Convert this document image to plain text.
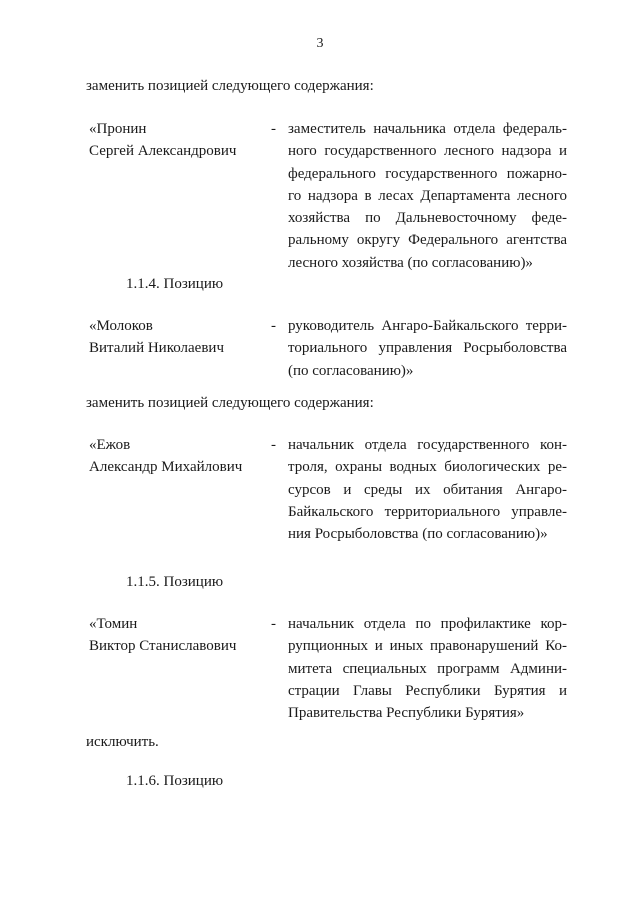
3
заменить позицией следующего содержания:
«Пронин
Сергей Александрович
- заместитель начальника отдела федераль-
ного государственного лесного надзора и
федерального государственного пожарно-
го надзора в лесах Департамента лесного
хозяйства по Дальневосточному феде-
ральному округу Федерального агентства
лесного хозяйства (по согласованию)»
1.1.4. Позицию
«Молоков
Виталий Николаевич
- руководитель Ангаро-Байкальского терри-
ториального управления Росрыболовства
(по согласованию)»
заменить позицией следующего содержания:
«Ежов
Александр Михайлович
- начальник отдела государственного кон-
троля, охраны водных биологических ре-
сурсов и среды их обитания Ангаро-
Байкальского территориального управле-
ния Росрыболовства (по согласованию)»
1.1.5. Позицию
«Томин
Виктор Станиславович
- начальник отдела по профилактике кор-
рупционных и иных правонарушений Ко-
митета специальных программ Админи-
страции Главы Республики Бурятия и
Правительства Республики Бурятия»
исключить.
1.1.6. Позицию
